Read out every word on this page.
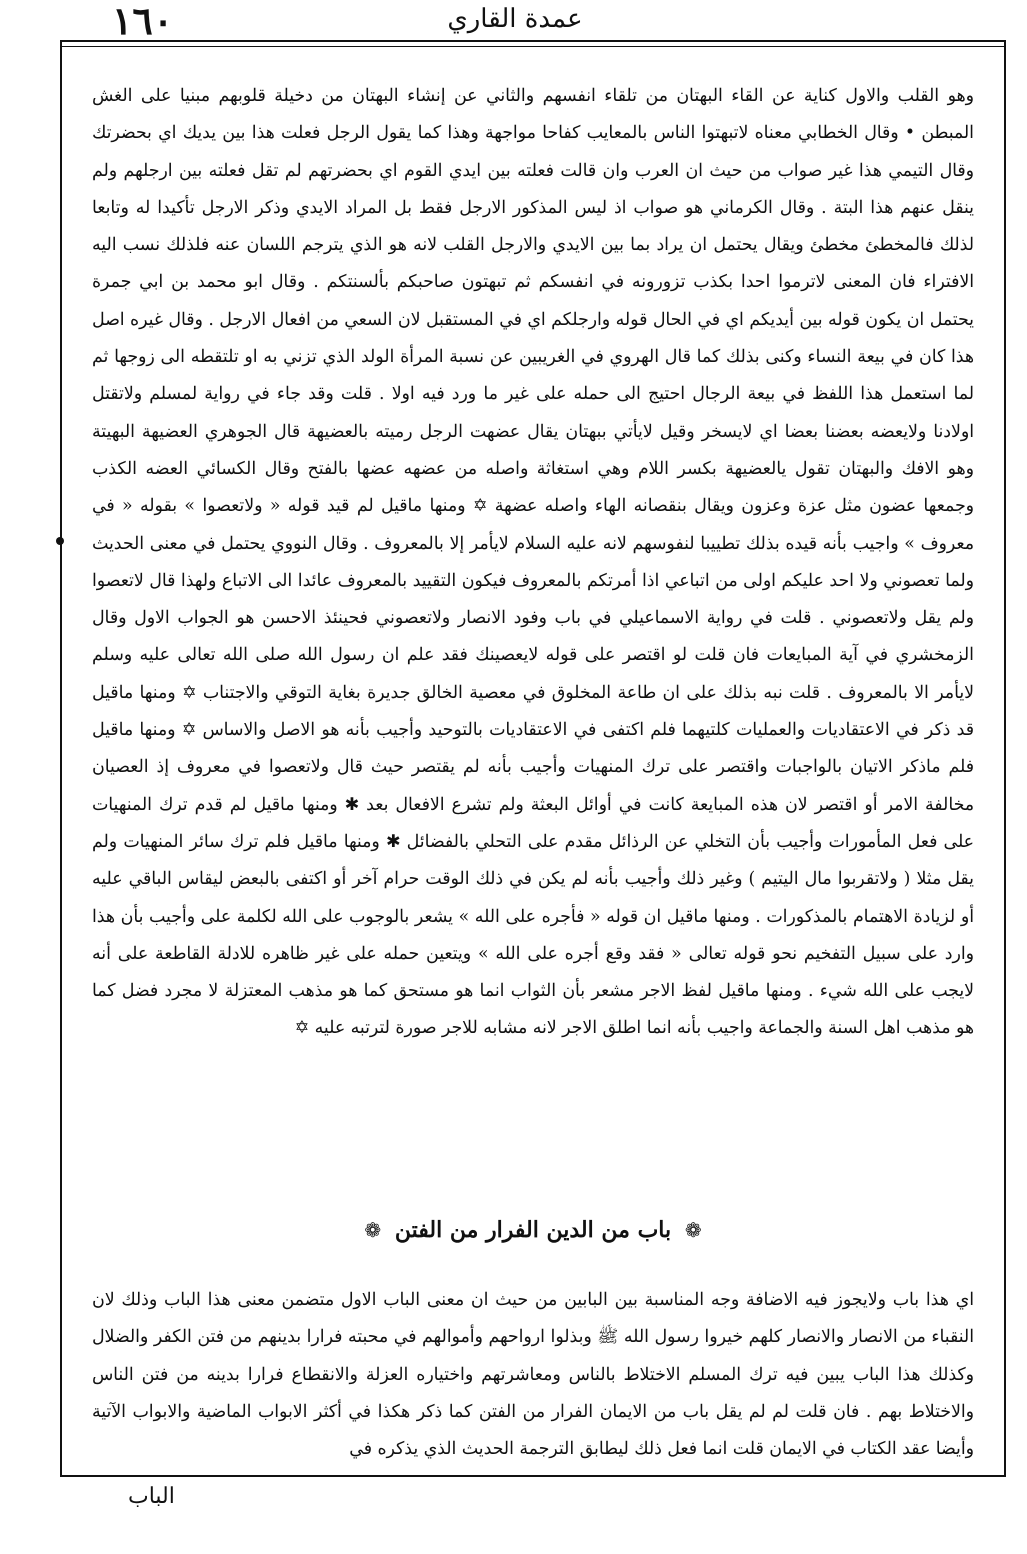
١٦٠	عمدة القاري
وهو القلب والاول كناية عن القاء البهتان من تلقاء انفسهم والثاني عن إنشاء البهتان من دخيلة قلوبهم مبنيا على الغش المبطن • وقال الخطابي معناه لاتبهتوا الناس بالمعايب كفاحا مواجهة وهذا كما يقول الرجل فعلت هذا بين يديك اي بحضرتك وقال التيمي هذا غير صواب من حيث ان العرب وان قالت فعلته بين ايدي القوم اي بحضرتهم لم تقل فعلته بين ارجلهم ولم ينقل عنهم هذا البتة . وقال الكرماني هو صواب اذ ليس المذكور الارجل فقط بل المراد الايدي وذكر الارجل تأكيدا له وتابعا لذلك فالمخطئ مخطئ ويقال يحتمل ان يراد بما بين الايدي والارجل القلب لانه هو الذي يترجم اللسان عنه فلذلك نسب اليه الافتراء فان المعنى لاترموا احدا بكذب تزورونه في انفسكم ثم تبهتون صاحبكم بألسنتكم . وقال ابو محمد بن ابي جمرة يحتمل ان يكون قوله بين أيديكم اي في الحال قوله وارجلكم اي في المستقبل لان السعي من افعال الارجل . وقال غيره اصل هذا كان في بيعة النساء وكنى بذلك كما قال الهروي في الغريبين عن نسبة المرأة الولد الذي تزني به او تلتقطه الى زوجها ثم لما استعمل هذا اللفظ في بيعة الرجال احتيج الى حمله على غير ما ورد فيه اولا . قلت وقد جاء في رواية لمسلم ولاتقتل اولادنا ولايعضه بعضنا بعضا اي لايسخر وقيل لايأتي ببهتان يقال عضهت الرجل رميته بالعضيهة قال الجوهري العضيهة البهيتة وهو الافك والبهتان تقول يالعضيهة بكسر اللام وهي استغاثة واصله من عضهه عضها بالفتح وقال الكسائي العضه الكذب وجمعها عضون مثل عزة وعزون ويقال بنقصانه الهاء واصله عضهة ✡ ومنها ماقيل لم قيد قوله « ولاتعصوا » بقوله « في معروف » واجيب بأنه قيده بذلك تطييبا لنفوسهم لانه عليه السلام لايأمر إلا بالمعروف . وقال النووي يحتمل في معنى الحديث ولما تعصوني ولا احد عليكم اولى من اتباعي اذا أمرتكم بالمعروف فيكون التقييد بالمعروف عائدا الى الاتباع ولهذا قال لاتعصوا ولم يقل ولاتعصوني . قلت في رواية الاسماعيلي في باب وفود الانصار ولاتعصوني فحينئذ الاحسن هو الجواب الاول وقال الزمخشري في آية المبايعات فان قلت لو اقتصر على قوله لايعصينك فقد علم ان رسول الله صلى الله تعالى عليه وسلم لايأمر الا بالمعروف . قلت نبه بذلك على ان طاعة المخلوق في معصية الخالق جديرة بغاية التوقي والاجتناب ✡ ومنها ماقيل قد ذكر في الاعتقاديات والعمليات كلتيهما فلم اكتفى في الاعتقاديات بالتوحيد وأجيب بأنه هو الاصل والاساس ✡ ومنها ماقيل فلم ماذكر الاتيان بالواجبات واقتصر على ترك المنهيات وأجيب بأنه لم يقتصر حيث قال ولاتعصوا في معروف إذ العصيان مخالفة الامر أو اقتصر لان هذه المبايعة كانت في أوائل البعثة ولم تشرع الافعال بعد ✱ ومنها ماقيل لم قدم ترك المنهيات على فعل المأمورات وأجيب بأن التخلي عن الرذائل مقدم على التحلي بالفضائل ✱ ومنها ماقيل فلم ترك سائر المنهيات ولم يقل مثلا ( ولاتقربوا مال اليتيم ) وغير ذلك وأجيب بأنه لم يكن في ذلك الوقت حرام آخر أو اكتفى بالبعض ليقاس الباقي عليه أو لزيادة الاهتمام بالمذكورات . ومنها ماقيل ان قوله « فأجره على الله » يشعر بالوجوب على الله لكلمة على وأجيب بأن هذا وارد على سبيل التفخيم نحو قوله تعالى « فقد وقع أجره على الله » ويتعين حمله على غير ظاهره للادلة القاطعة على أنه لايجب على الله شيء . ومنها ماقيل لفظ الاجر مشعر بأن الثواب انما هو مستحق كما هو مذهب المعتزلة لا مجرد فضل كما هو مذهب اهل السنة والجماعة واجيب بأنه انما اطلق الاجر لانه مشابه للاجر صورة لترتبه عليه ✡
❁ باب من الدين الفرار من الفتن ❁
اي هذا باب ولايجوز فيه الاضافة وجه المناسبة بين البابين من حيث ان معنى الباب الاول متضمن معنى هذا الباب وذلك لان النقباء من الانصار والانصار كلهم خيروا رسول الله ﷺ وبذلوا ارواحهم وأموالهم في محبته فرارا بدينهم من فتن الكفر والضلال وكذلك هذا الباب يبين فيه ترك المسلم الاختلاط بالناس ومعاشرتهم واختياره العزلة والانقطاع فرارا بدينه من فتن الناس والاختلاط بهم . فان قلت لم لم يقل باب من الايمان الفرار من الفتن كما ذكر هكذا في أكثر الابواب الماضية والابواب الآتية وأيضا عقد الكتاب في الايمان قلت انما فعل ذلك ليطابق الترجمة الحديث الذي يذكره في
الباب
